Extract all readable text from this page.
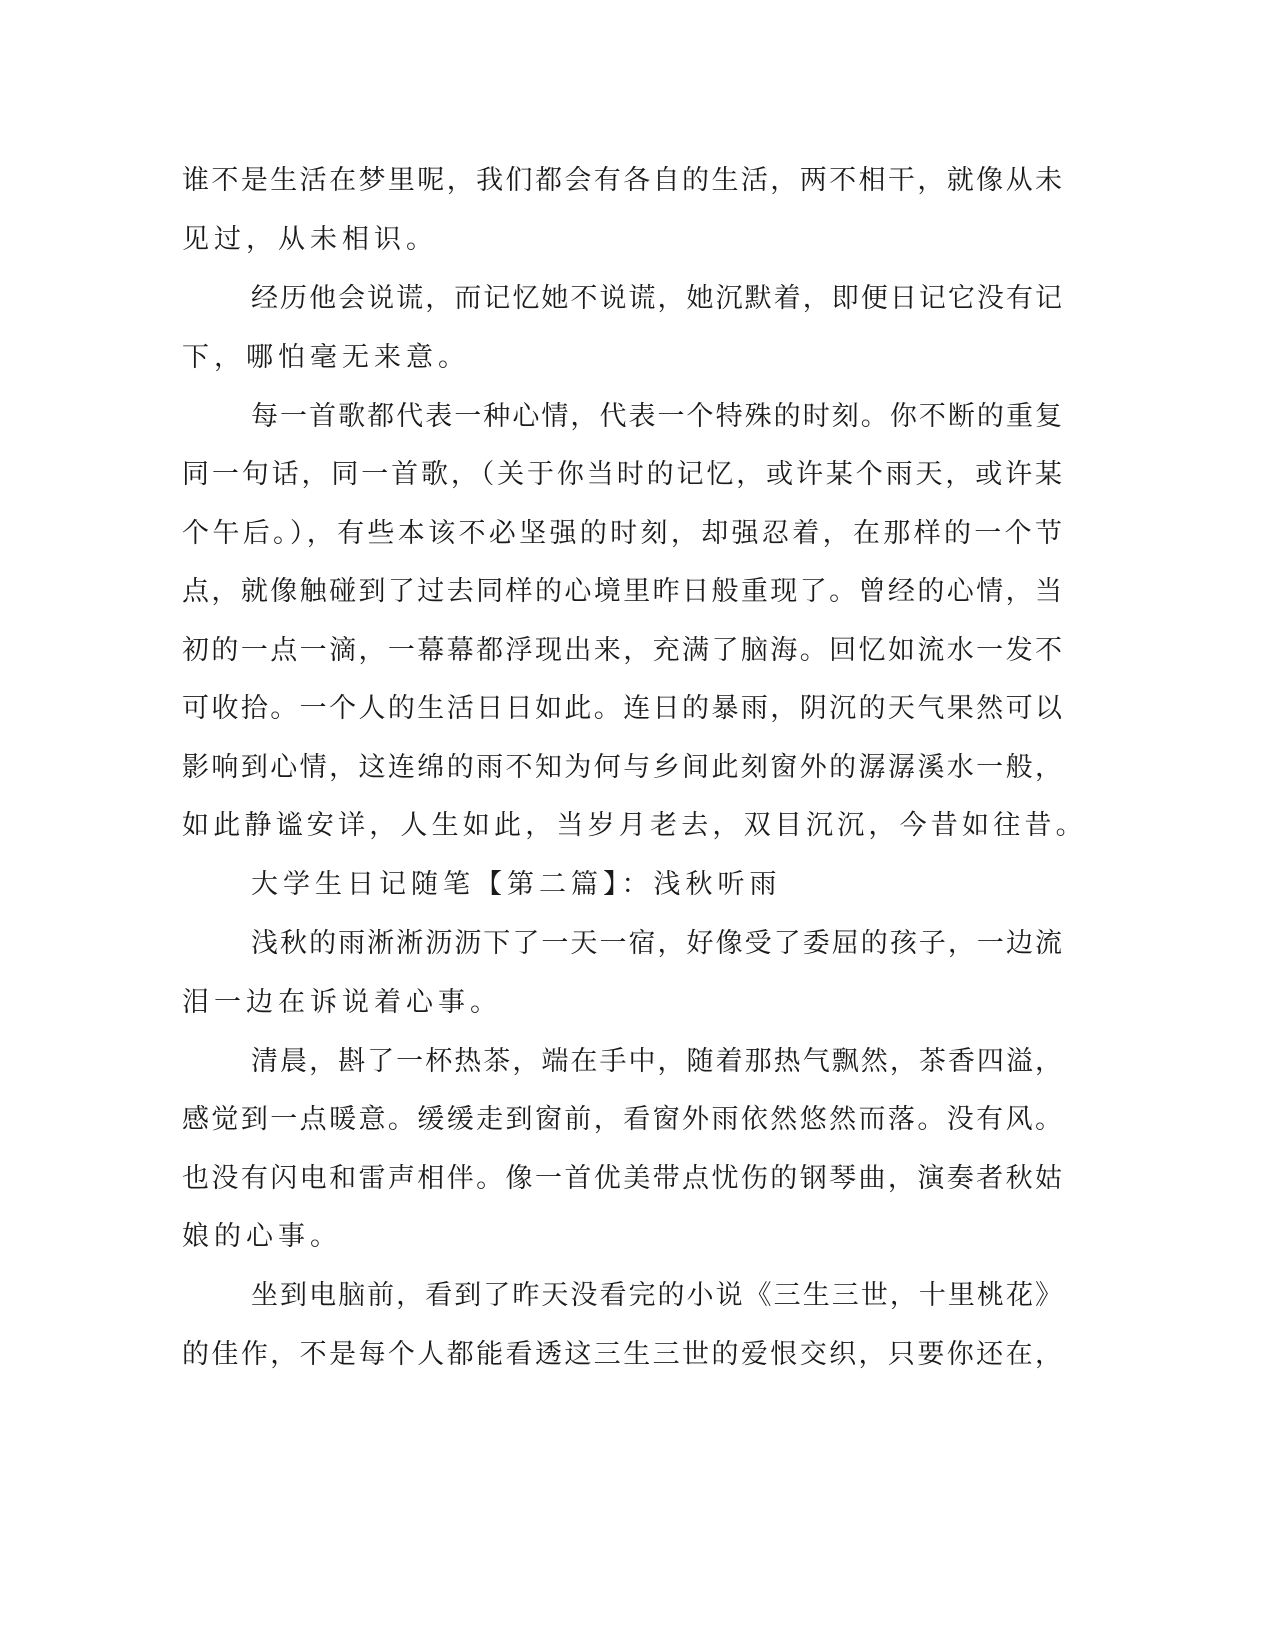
谁不是生活在梦里呢，我们都会有各自的生活，两不相干，就像从未
见过，从未相识。
经历他会说谎，而记忆她不说谎，她沉默着，即便日记它没有记
下，哪怕毫无来意。
每一首歌都代表一种心情，代表一个特殊的时刻。你不断的重复
同一句话，同一首歌，（关于你当时的记忆，或许某个雨天，或许某
个午后。），有些本该不必坚强的时刻，却强忍着，在那样的一个节
点，就像触碰到了过去同样的心境里昨日般重现了。曾经的心情，当
初的一点一滴，一幕幕都浮现出来，充满了脑海。回忆如流水一发不
可收拾。一个人的生活日日如此。连日的暴雨，阴沉的天气果然可以
影响到心情，这连绵的雨不知为何与乡间此刻窗外的潺潺溪水一般，
如此静谧安详，人生如此，当岁月老去，双目沉沉，今昔如往昔。
大学生日记随笔【第二篇】：浅秋听雨
浅秋的雨淅淅沥沥下了一天一宿，好像受了委屈的孩子，一边流
泪一边在诉说着心事。
清晨，斟了一杯热茶，端在手中，随着那热气飘然，茶香四溢，
感觉到一点暖意。缓缓走到窗前，看窗外雨依然悠然而落。没有风。
也没有闪电和雷声相伴。像一首优美带点忧伤的钢琴曲，演奏者秋姑
娘的心事。
坐到电脑前，看到了昨天没看完的小说《三生三世，十里桃花》
的佳作，不是每个人都能看透这三生三世的爱恨交织，只要你还在，
